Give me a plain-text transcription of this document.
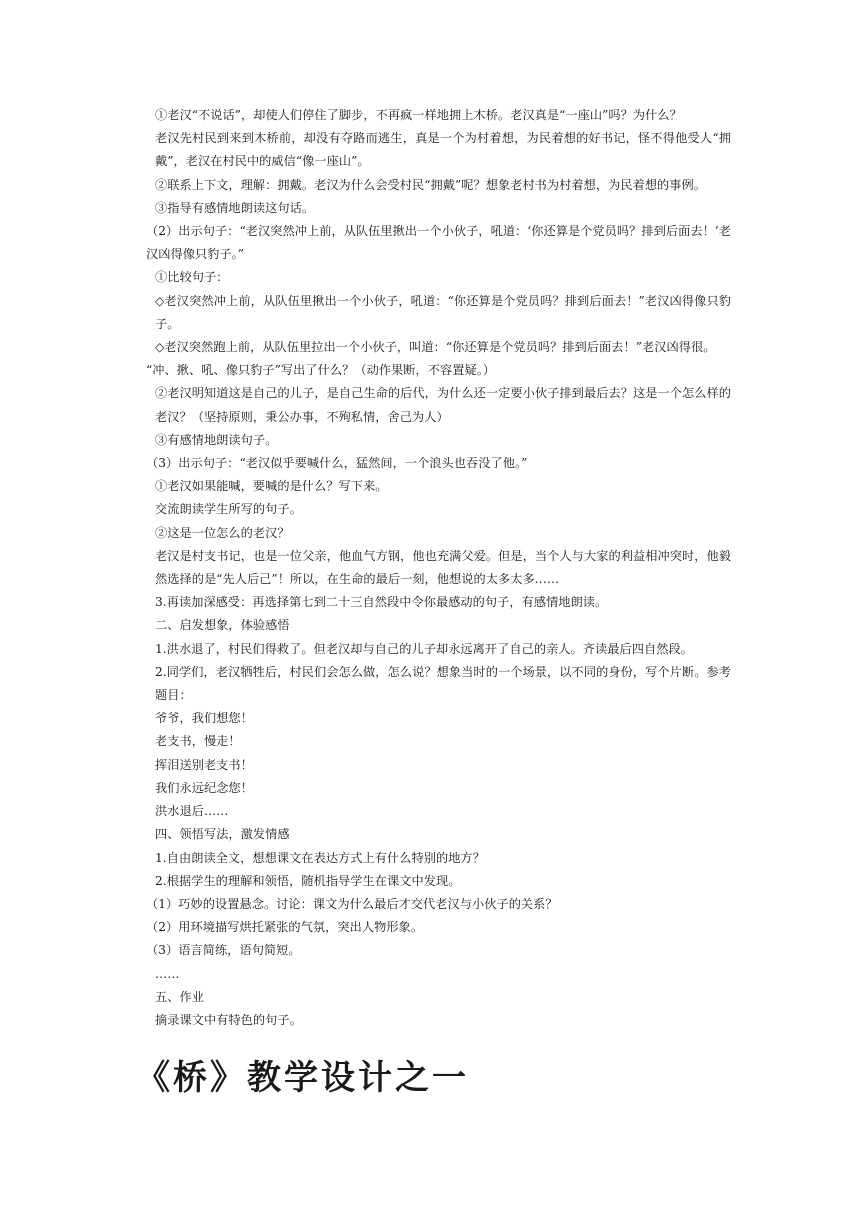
①老汉“不说话”，却使人们停住了脚步，不再疯一样地拥上木桥。老汉真是“一座山”吗？为什么？
老汉先村民到来到木桥前，却没有夺路而逃生，真是一个为村着想，为民着想的好书记，怪不得他受人“拥戴”，老汉在村民中的威信“像一座山”。
②联系上下文，理解：拥戴。老汉为什么会受村民“拥戴”呢？想象老村书为村着想，为民着想的事例。
③指导有感情地朗读这句话。
（2）出示句子：“老汉突然冲上前，从队伍里揪出一个小伙子，吼道：‘你还算是个党员吗？排到后面去！’老汉凶得像只豹子。”
①比较句子：
◇老汉突然冲上前，从队伍里揪出一个小伙子，吼道：“你还算是个党员吗？排到后面去！”老汉凶得像只豹子。
◇老汉突然跑上前，从队伍里拉出一个小伙子，叫道：“你还算是个党员吗？排到后面去！”老汉凶得很。
“冲、揪、吼、像只豹子”写出了什么？（动作果断，不容置疑。）
②老汉明知道这是自己的儿子，是自己生命的后代，为什么还一定要小伙子排到最后去？这是一个怎么样的老汉？（坚持原则，秉公办事，不殉私情，舍己为人）
③有感情地朗读句子。
（3）出示句子：“老汉似乎要喊什么，猛然间，一个浪头也吞没了他。”
①老汉如果能喊，要喊的是什么？写下来。
交流朗读学生所写的句子。
②这是一位怎么的老汉？
老汉是村支书记，也是一位父亲，他血气方钢，他也充满父爱。但是，当个人与大家的利益相冲突时，他毅然选择的是“先人后己”！所以，在生命的最后一刻，他想说的太多太多……
3.再读加深感受：再选择第七到二十三自然段中令你最感动的句子，有感情地朗读。
二、启发想象，体验感悟
1.洪水退了，村民们得救了。但老汉却与自己的儿子却永远离开了自己的亲人。齐读最后四自然段。
2.同学们，老汉牺牲后，村民们会怎么做，怎么说？想象当时的一个场景，以不同的身份，写个片断。参考题目：
爷爷，我们想您！
老支书，慢走！
挥泪送别老支书！
我们永远纪念您！
洪水退后……
四、领悟写法，激发情感
1.自由朗读全文，想想课文在表达方式上有什么特别的地方？
2.根据学生的理解和领悟，随机指导学生在课文中发现。
（1）巧妙的设置悬念。讨论：课文为什么最后才交代老汉与小伙子的关系？
（2）用环境描写烘托紧张的气氛，突出人物形象。
（3）语言简练，语句简短。
……
五、作业
摘录课文中有特色的句子。
《桥》教学设计之一
